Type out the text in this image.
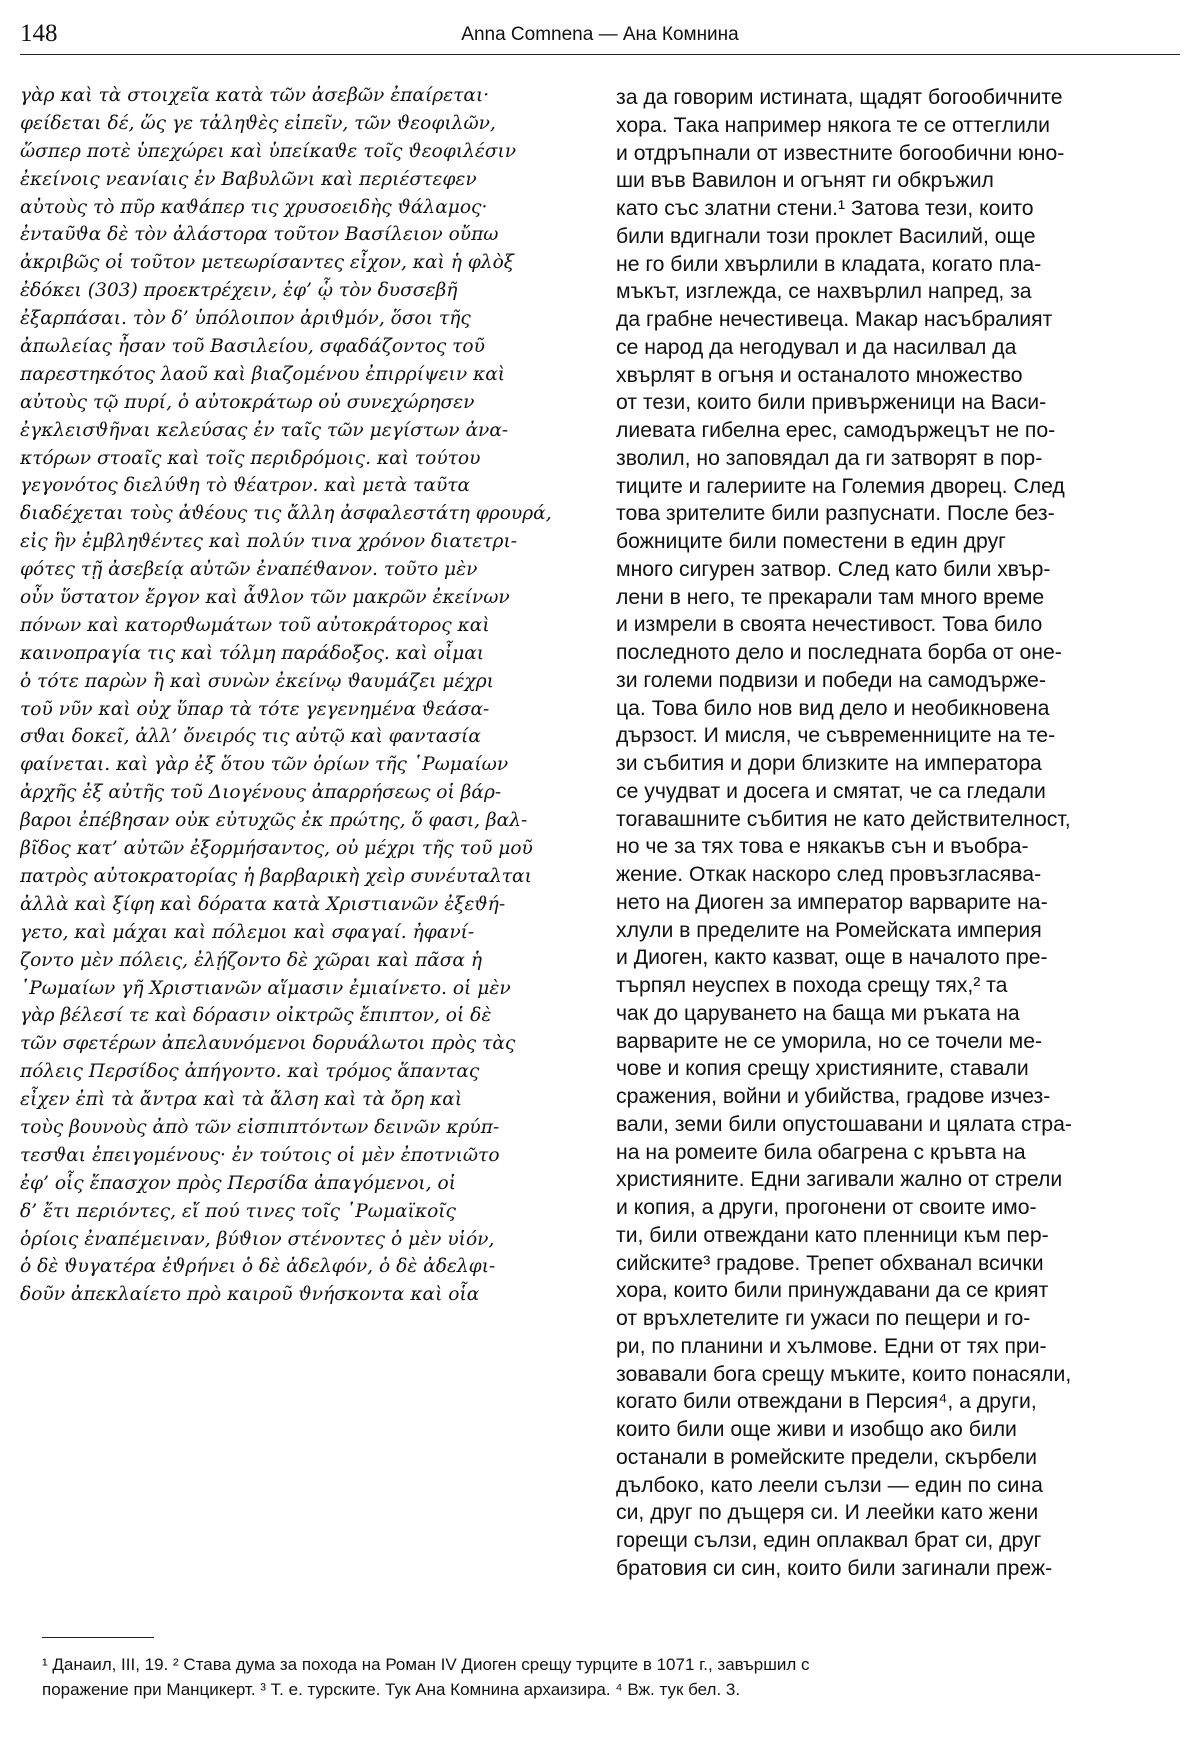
148	Anna Comnena — Ана Комнина
γὰρ καὶ τὰ στοιχεῖα κατὰ τῶν ἀσεβῶν ἐπαίρεται·
φείδεται δέ, ὥς γε τἀληϑὲς εἰπεῖν, τῶν ϑεοφιλῶν,
ὥσπερ ποτὲ ὑπεχώρει καὶ ὑπείκαϑε τοῖς ϑεοφιλέσιν
ἐκείνοις νεανίαις ἐν Βαβυλῶνι καὶ περιέστεφεν
αὐτοὺς τὸ πῦρ καϑάπερ τις χρυσοειδὴς ϑάλαμος·
ἐνταῦϑα δὲ τὸν ἀλάστορα τοῦτον Βασίλειον οὔπω
ἀκριβῶς οἱ τοῦτον μετεωρίσαντες εἶχον, καὶ ἡ φλὸξ
ἐδόκει (303) προεκτρέχειν, ἐφ’ ᾧ τὸν δυσσεβῆ
ἐξαρπάσαι. τὸν δ’ ὑπόλοιπον ἀριϑμόν, ὅσοι τῆς
ἀπωλείας ἦσαν τοῦ Βασιλείου, σφαδάζοντος τοῦ
παρεστηκότος λαοῦ καὶ βιαζομένου ἐπιρρίψειν καὶ
αὐτοὺς τῷ πυρί, ὁ αὐτοκράτωρ οὐ συνεχώρησεν
ἐγκλεισϑῆναι κελεύσας ἐν ταῖς τῶν μεγίστων ἀνα-
κτόρων στοαῖς καὶ τοῖς περιδρόμοις. καὶ τούτου
γεγονότος διελύϑη τὸ ϑέατρον. καὶ μετὰ ταῦτα
διαδέχεται τοὺς ἀϑέους τις ἄλλη ἀσφαλεστάτη φρουρά,
εἰς ἣν ἐμβληϑέντες καὶ πολύν τινα χρόνον διατετρι-
φότες τῇ ἀσεβείᾳ αὐτῶν ἐναπέϑανον. τοῦτο μὲν
οὖν ὕστατον ἔργον καὶ ἆϑλον τῶν μακρῶν ἐκείνων
πόνων καὶ κατορϑωμάτων τοῦ αὐτοκράτορος καὶ
καινοπραγία τις καὶ τόλμη παράδοξος. καὶ οἶμαι
ὁ τότε παρὼν ἢ καὶ συνὼν ἐκείνῳ ϑαυμάζει μέχρι
τοῦ νῦν καὶ οὐχ ὕπαρ τὰ τότε γεγενημένα ϑεάσα-
σϑαι δοκεῖ, ἀλλ’ ὄνειρός τις αὐτῷ καὶ φαντασία
φαίνεται. καὶ γὰρ ἐξ ὅτου τῶν ὁρίων τῆς ῾Ρωμαίων
ἀρχῆς ἐξ αὐτῆς τοῦ Διογένους ἀπαρρήσεως οἱ βάρ-
βαροι ἐπέβησαν οὐκ εὐτυχῶς ἐκ πρώτης, ὅ φασι, βαλ-
βῖδος κατ’ αὐτῶν ἐξορμήσαντος, οὐ μέχρι τῆς τοῦ μοῦ
πατρὸς αὐτοκρατορίας ἡ βαρβαρικὴ χεὶρ συνέυταλται
ἀλλὰ καὶ ξίφη καὶ δόρατα κατὰ Χριστιανῶν ἐξεϑή-
γετο, καὶ μάχαι καὶ πόλεμοι καὶ σφαγαί. ἠφανί-
ζοντο μὲν πόλεις, ἐλῄζοντο δὲ χῶραι καὶ πᾶσα ἡ
῾Ρωμαίων γῆ Χριστιανῶν αἵμασιν ἐμιαίνετο. οἱ μὲν
γὰρ βέλεσί τε καὶ δόρασιν οἰκτρῶς ἔπιπτον, οἱ δὲ
τῶν σφετέρων ἀπελαυνόμενοι δορυάλωτοι πρὸς τὰς
πόλεις Περσίδος ἀπήγοντο. καὶ τρόμος ἅπαντας
εἶχεν ἐπὶ τὰ ἄντρα καὶ τὰ ἄλση καὶ τὰ ὄρη καὶ
τοὺς βουνοὺς ἀπὸ τῶν εἰσπιπτόντων δεινῶν κρύπ-
τεσϑαι ἐπειγομένους· ἐν τούτοις οἱ μὲν ἐποτνιῶτο
ἐφ’ οἷς ἔπασχον πρὸς Περσίδα ἀπαγόμενοι, οἱ
δ’ ἔτι περιόντες, εἴ πού τινες τοῖς ῾Ρωμαϊκοῖς
ὁρίοις ἐναπέμειναν, βύϑιον στένοντες ὁ μὲν υἱόν,
ὁ δὲ ϑυγατέρα ἐϑρήνει ὁ δὲ ἀδελφόν, ὁ δὲ ἀδελφι-
δοῦν ἀπεκλαίετο πρὸ καιροῦ ϑνήσκοντα καὶ οἷα
за да говорим истината, щадят богообичните
хора. Така например някога те се оттеглили
и отдръпнали от известните богообични юно-
ши във Вавилон и огънят ги обкръжил
като със златни стени.¹ Затова тези, които
били вдигнали този проклет Василий, още
не го били хвърлили в кладата, когато пла-
мъкът, изглежда, се нахвърлил напред, за
да грабне нечестивеца. Макар насъбралият
се народ да негодувал и да насилвал да
хвърлят в огъня и останалото множество
от тези, които били привърженици на Васи-
лиевата гибелна ерес, самодържецът не по-
зволил, но заповядал да ги затворят в пор-
тиците и галериите на Големия дворец. След
това зрителите били разпуснати. После без-
божниците били поместени в един друг
много сигурен затвор. След като били хвър-
лени в него, те прекарали там много време
и измрели в своята нечестивост. Това било
последното дело и последната борба от оне-
зи големи подвизи и победи на самодържe-
ца. Това било нов вид дело и необикновена
дързост. И мисля, че съвременниците на те-
зи събития и дори близките на императора
се учудват и досега и смятат, че са гледали
тогавашните събития не като действителност,
но че за тях това е някакъв сън и въобра-
жение. Откак наскоро след провъзгласява-
нето на Диоген за император варварите на-
хлули в пределите на Ромейската империя
и Диоген, както казват, още в началото пре-
търпял неуспех в похода срещу тях,² та
чак до царуването на баща ми ръката на
варварите не се уморила, но се точели ме-
чове и копия срещу християните, ставали
сражения, войни и убийства, градове изчез-
вали, земи били опустошавани и цялата стра-
на на ромеите била обагрена с кръвта на
християните. Едни загивали жално от стрели
и копия, а други, прогонени от своите имо-
ти, били отвеждани като пленници към пер-
сийските³ градове. Трепет обхванал всички
хора, които били принуждавани да се крият
от връхлетелите ги ужаси по пещери и го-
ри, по планини и хълмове. Едни от тях при-
зовавали бога срещу мъките, които понасяли,
когато били отвеждани в Персия⁴, а други,
които били още живи и изобщо ако били
останали в ромейските предели, скърбели
дълбоко, като леели сълзи — един по сина
си, друг по дъщеря си. И леейки като жени
горещи сълзи, един оплаквал брат си, друг
братовия си син, които били загинали преж-
¹ Данаил, III, 19. ² Става дума за похода на Роман IV Диоген срещу турците в 1071 г., завършил с
поражение при Манцикерт. ³ Т. е. турските. Тук Ана Комнина архаизира. ⁴ Вж. тук бел. 3.
